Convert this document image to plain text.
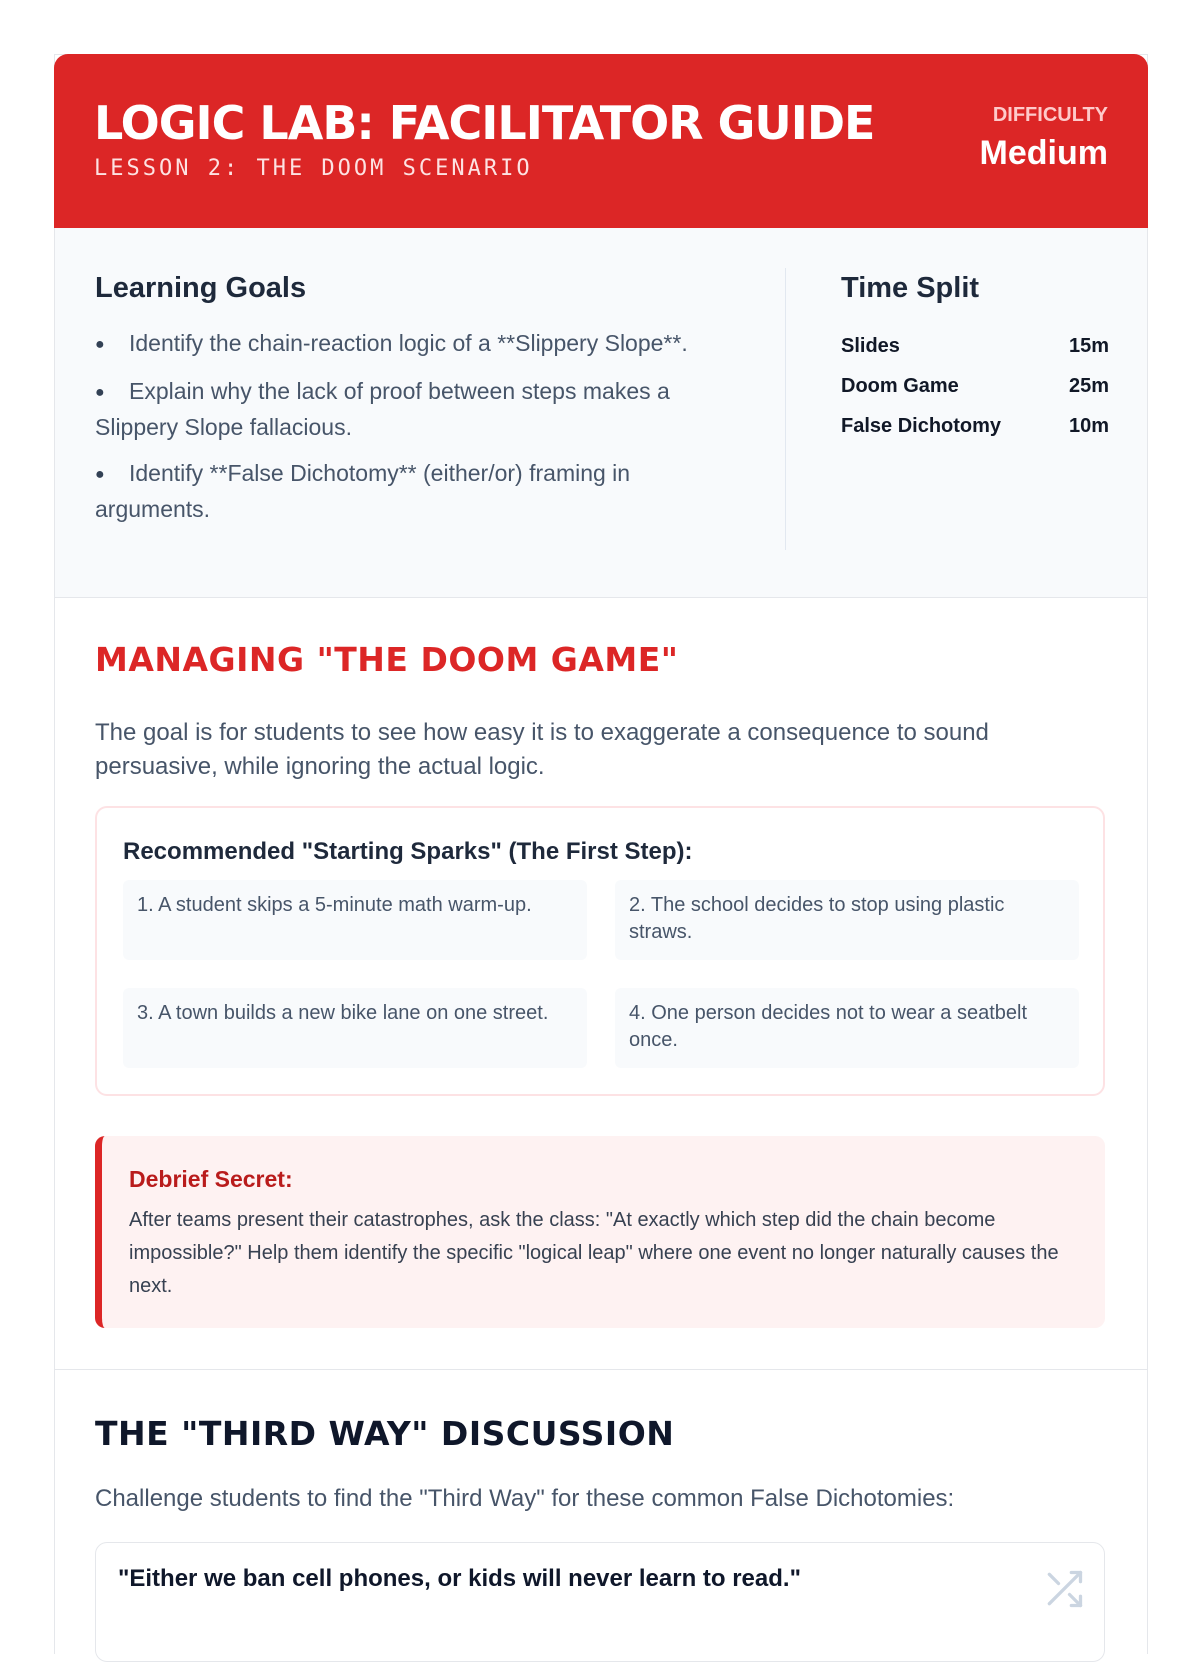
LOGIC LAB: FACILITATOR GUIDE
LESSON 2: THE DOOM SCENARIO
DIFFICULTY
Medium
Learning Goals
● Identify the chain-reaction logic of a **Slippery Slope**.
● Explain why the lack of proof between steps makes a Slippery Slope fallacious.
● Identify **False Dichotomy** (either/or) framing in arguments.
Time Split
Slides	15m
Doom Game	25m
False Dichotomy	10m
MANAGING "THE DOOM GAME"
The goal is for students to see how easy it is to exaggerate a consequence to sound persuasive, while ignoring the actual logic.
Recommended "Starting Sparks" (The First Step):
1. A student skips a 5-minute math warm-up.	2. The school decides to stop using plastic straws.
3. A town builds a new bike lane on one street.	4. One person decides not to wear a seatbelt once.
Debrief Secret:

After teams present their catastrophes, ask the class: "At exactly which step did the chain become impossible?" Help them identify the specific "logical leap" where one event no longer naturally causes the next.

THE "THIRD WAY" DISCUSSION
Challenge students to find the "Third Way" for these common False Dichotomies:
"Either we ban cell phones, or kids will never learn to read."
